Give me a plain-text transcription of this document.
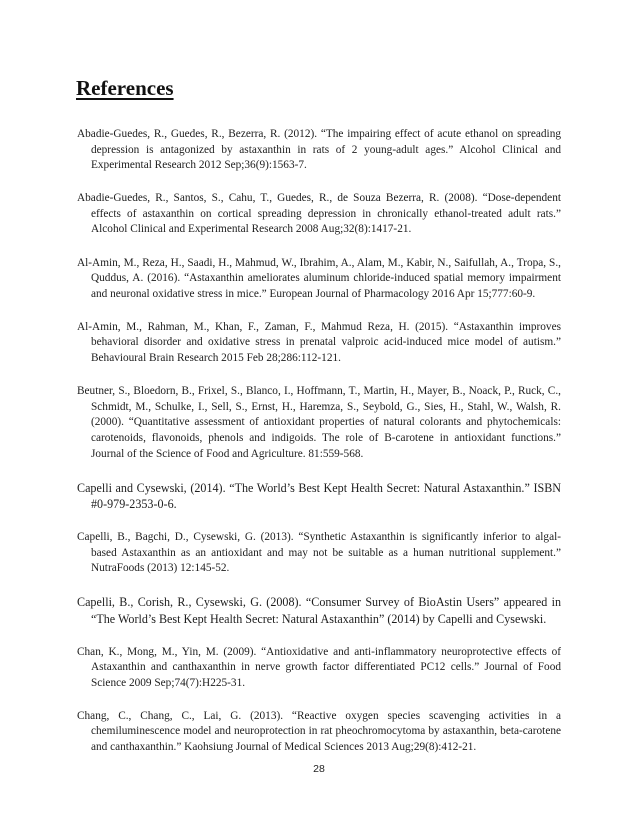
References
Abadie-Guedes, R., Guedes, R., Bezerra, R. (2012). “The impairing effect of acute ethanol on spreading depression is antagonized by astaxanthin in rats of 2 young-adult ages.” Alcohol Clinical and Experimental Research 2012 Sep;36(9):1563-7.
Abadie-Guedes, R., Santos, S., Cahu, T., Guedes, R., de Souza Bezerra, R. (2008). “Dose-dependent effects of astaxanthin on cortical spreading depression in chronically ethanol-treated adult rats.” Alcohol Clinical and Experimental Research 2008 Aug;32(8):1417-21.
Al-Amin, M., Reza, H., Saadi, H., Mahmud, W., Ibrahim, A., Alam, M., Kabir, N., Saifullah, A., Tropa, S., Quddus, A. (2016). “Astaxanthin ameliorates aluminum chloride-induced spatial memory impairment and neuronal oxidative stress in mice.” European Journal of Pharmacology 2016 Apr 15;777:60-9.
Al-Amin, M., Rahman, M., Khan, F., Zaman, F., Mahmud Reza, H. (2015). “Astaxanthin improves behavioral disorder and oxidative stress in prenatal valproic acid-induced mice model of autism.” Behavioural Brain Research 2015 Feb 28;286:112-121.
Beutner, S., Bloedorn, B., Frixel, S., Blanco, I., Hoffmann, T., Martin, H., Mayer, B., Noack, P., Ruck, C., Schmidt, M., Schulke, I., Sell, S., Ernst, H., Haremza, S., Seybold, G., Sies, H., Stahl, W., Walsh, R. (2000). “Quantitative assessment of antioxidant properties of natural colorants and phytochemicals: carotenoids, flavonoids, phenols and indigoids. The role of B-carotene in antioxidant functions.” Journal of the Science of Food and Agriculture. 81:559-568.
Capelli and Cysewski, (2014). “The World’s Best Kept Health Secret: Natural Astaxanthin.” ISBN #0-979-2353-0-6.
Capelli, B., Bagchi, D., Cysewski, G. (2013). “Synthetic Astaxanthin is significantly inferior to algal-based Astaxanthin as an antioxidant and may not be suitable as a human nutritional supplement.” NutraFoods (2013) 12:145-52.
Capelli, B., Corish, R., Cysewski, G. (2008). “Consumer Survey of BioAstin Users” appeared in “The World’s Best Kept Health Secret: Natural Astaxanthin” (2014) by Capelli and Cysewski.
Chan, K., Mong, M., Yin, M. (2009). “Antioxidative and anti-inflammatory neuroprotective effects of Astaxanthin and canthaxanthin in nerve growth factor differentiated PC12 cells.” Journal of Food Science 2009 Sep;74(7):H225-31.
Chang, C., Chang, C., Lai, G. (2013). “Reactive oxygen species scavenging activities in a chemiluminescence model and neuroprotection in rat pheochromocytoma by astaxanthin, beta-carotene and canthaxanthin.” Kaohsiung Journal of Medical Sciences 2013 Aug;29(8):412-21.
28
